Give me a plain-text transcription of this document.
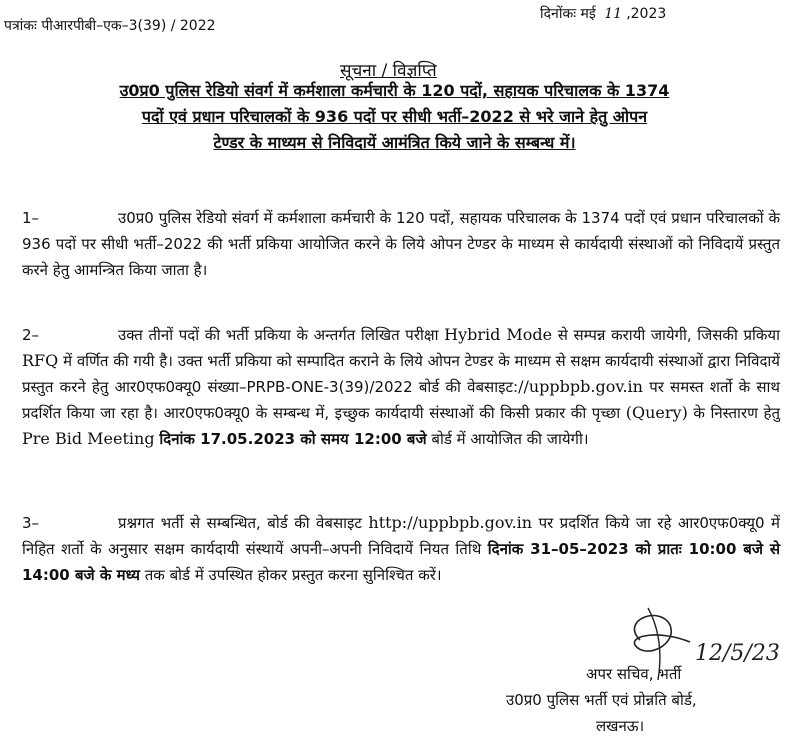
पत्रांकः पीआरपीबी–एक–3(39) / 2022
दिनोंकः मई 11 ,2023
सूचना / विज्ञप्ति
उ0प्र0 पुलिस रेडियो संवर्ग में कर्मशाला कर्मचारी के 120 पदों, सहायक परिचालक के 1374
पदों एवं प्रधान परिचालकों के 936 पदों पर सीधी भर्ती–2022 से भरे जाने हेतु ओपन
टेण्डर के माध्यम से निविदायें आमंत्रित किये जाने के सम्बन्ध में।
1–	उ0प्र0 पुलिस रेडियो संवर्ग में कर्मशाला कर्मचारी के 120 पदों, सहायक परिचालक के 1374 पदों एवं प्रधान परिचालकों के 936 पदों पर सीधी भर्ती–2022 की भर्ती प्रकिया आयोजित करने के लिये ओपन टेण्डर के माध्यम से कार्यदायी संस्थाओं को निविदायें प्रस्तुत करने हेतु आमन्त्रित किया जाता है।
2–	उक्त तीनों पदों की भर्ती प्रकिया के अन्तर्गत लिखित परीक्षा Hybrid Mode से सम्पन्न करायी जायेगी, जिसकी प्रकिया RFQ में वर्णित की गयी है। उक्त भर्ती प्रकिया को सम्पादित कराने के लिये ओपन टेण्डर के माध्यम से सक्षम कार्यदायी संस्थाओं द्वारा निविदायें प्रस्तुत करने हेतु आर0एफ0क्यू0 संख्या–PRPB-ONE-3(39)/2022 बोर्ड की वेबसाइट://uppbpb.gov.in पर समस्त शर्तो के साथ प्रदर्शित किया जा रहा है। आर0एफ0क्यू0 के सम्बन्ध में, इच्छुक कार्यदायी संस्थाओं की किसी प्रकार की पृच्छा (Query) के निस्तारण हेतु Pre Bid Meeting दिनांक 17.05.2023 को समय 12:00 बजे बोर्ड में आयोजित की जायेगी।
3–	प्रश्नगत भर्ती से सम्बन्धित, बोर्ड की वेबसाइट http://uppbpb.gov.in पर प्रदर्शित किये जा रहे आर0एफ0क्यू0 में निहित शर्तो के अनुसार सक्षम कार्यदायी संस्थायें अपनी–अपनी निविदायें नियत तिथि दिनांक 31–05–2023 को प्रातः 10:00 बजे से 14:00 बजे के मध्य तक बोर्ड में उपस्थित होकर प्रस्तुत करना सुनिश्चित करें।
12/5/23
अपर सचिव, भर्ती
उ0प्र0 पुलिस भर्ती एवं प्रोन्नति बोर्ड,
लखनऊ।
